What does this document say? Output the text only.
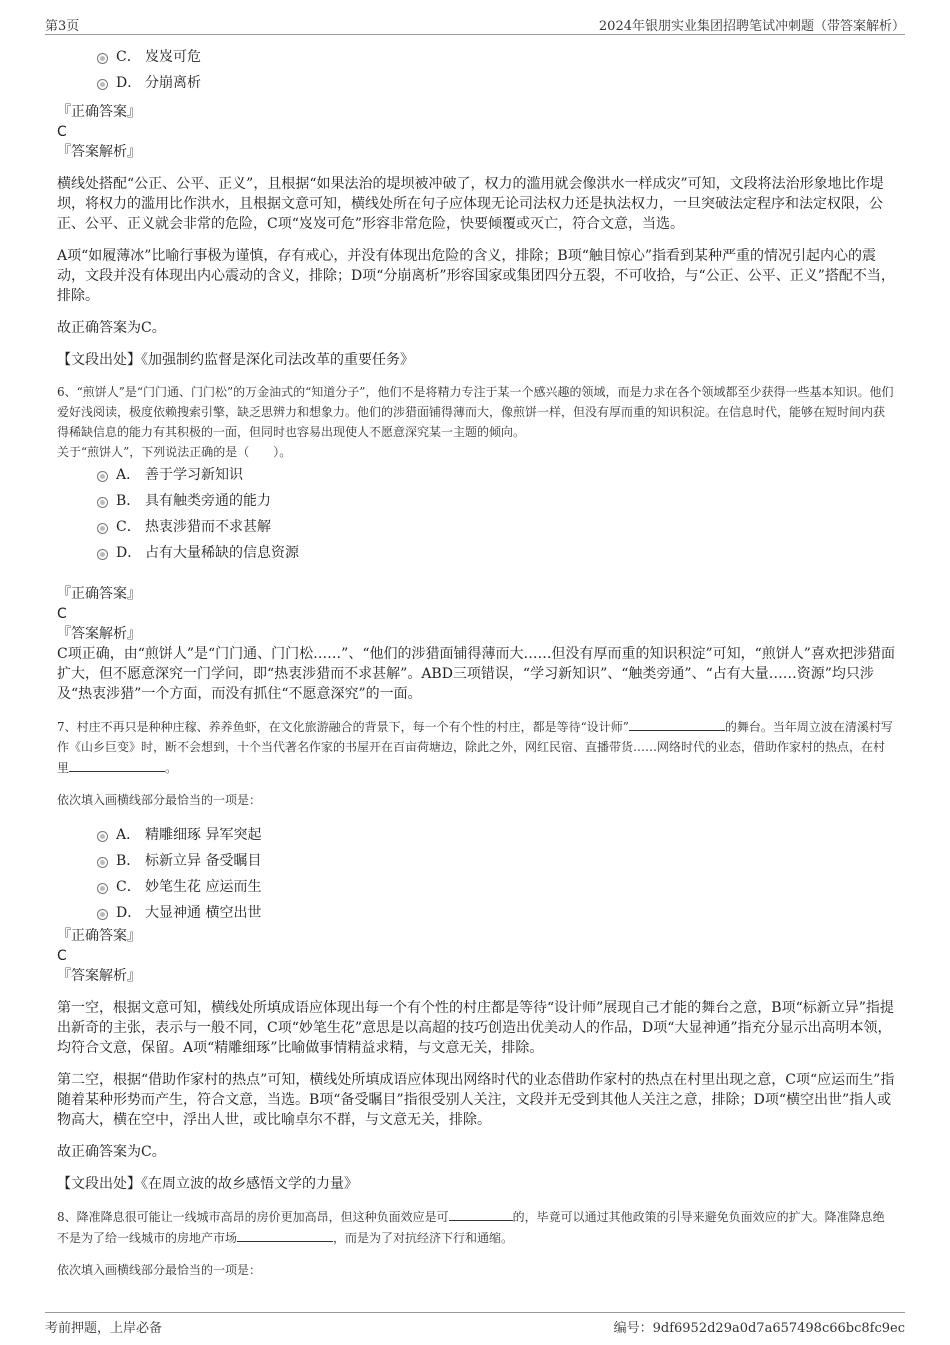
第3页	2024年银朋实业集团招聘笔试冲刺题（带答案解析）
C． 岌岌可危
D． 分崩离析
『正确答案』
C
『答案解析』

横线处搭配“公正、公平、正义”，且根据“如果法治的堤坝被冲破了，权力的滥用就会像洪水一样成灾”可知，文段将法治形象地比作堤坝，将权力的滥用比作洪水，且根据文意可知，横线处所在句子应体现无论司法权力还是执法权力，一旦突破法定程序和法定权限，公正、公平、正义就会非常的危险，C项“岌岌可危”形容非常危险，快要倾覆或灭亡，符合文意，当选。

A项“如履薄冰”比喻行事极为谨慎，存有戒心，并没有体现出危险的含义，排除；B项“触目惊心”指看到某种严重的情况引起内心的震动，文段并没有体现出内心震动的含义，排除；D项“分崩离析”形容国家或集团四分五裂，不可收拾，与“公正、公平、正义”搭配不当，排除。

故正确答案为C。

【文段出处】《加强制约监督是深化司法改革的重要任务》

6、“煎饼人”是“门门通、门门松”的万金油式的“知道分子”，他们不是将精力专注于某一个感兴趣的领域，而是力求在各个领域都至少获得一些基本知识。他们爱好浅阅读，极度依赖搜索引擎，缺乏思辨力和想象力。他们的涉猎面铺得薄而大，像煎饼一样，但没有厚而重的知识积淀。在信息时代，能够在短时间内获得稀缺信息的能力有其积极的一面，但同时也容易出现使人不愿意深究某一主题的倾向。

关于“煎饼人”，下列说法正确的是（　　）。

A． 善于学习新知识
B． 具有触类旁通的能力
C． 热衷涉猎而不求甚解
D． 占有大量稀缺的信息资源
『正确答案』
C
『答案解析』

C项正确，由“煎饼人”是“门门通、门门松……”、“他们的涉猎面铺得薄而大……但没有厚而重的知识积淀”可知，“煎饼人”喜欢把涉猎面扩大，但不愿意深究一门学问，即“热衷涉猎而不求甚解”。ABD三项错误，“学习新知识”、“触类旁通”、“占有大量……资源”均只涉及“热衷涉猎”一个方面，而没有抓住“不愿意深究”的一面。

7、村庄不再只是种种庄稼、养养鱼虾，在文化旅游融合的背景下，每一个有个性的村庄，都是等待“设计师”	的舞台。当年周立波在清溪村写作《山乡巨变》时，断不会想到，十个当代著名作家的书屋开在百亩荷塘边，除此之外，网红民宿、直播带货……网络时代的业态，借助作家村的热点，在村里	。

依次填入画横线部分最恰当的一项是：

A． 精雕细琢 异军突起
B． 标新立异 备受瞩目
C． 妙笔生花 应运而生
D． 大显神通 横空出世
『正确答案』
C
『答案解析』

第一空，根据文意可知，横线处所填成语应体现出每一个有个性的村庄都是等待“设计师”展现自己才能的舞台之意，B项“标新立异”指提出新奇的主张，表示与一般不同，C项“妙笔生花”意思是以高超的技巧创造出优美动人的作品，D项“大显神通”指充分显示出高明本领，均符合文意，保留。A项“精雕细琢”比喻做事情精益求精，与文意无关，排除。

第二空，根据“借助作家村的热点”可知，横线处所填成语应体现出网络时代的业态借助作家村的热点在村里出现之意，C项“应运而生”指随着某种形势而产生，符合文意，当选。B项“备受瞩目”指很受别人关注，文段并无受到其他人关注之意，排除；D项“横空出世”指人或物高大，横在空中，浮出人世，或比喻卓尔不群，与文意无关，排除。

故正确答案为C。

【文段出处】《在周立波的故乡感悟文学的力量》

8、降准降息很可能让一线城市高昂的房价更加高昂，但这种负面效应是可	的，毕竟可以通过其他政策的引导来避免负面效应的扩大。降准降息绝不是为了给一线城市的房地产市场	，而是为了对抗经济下行和通缩。

依次填入画横线部分最恰当的一项是：

考前押题，上岸必备	编号：9df6952d29a0d7a657498c66bc8fc9ec
